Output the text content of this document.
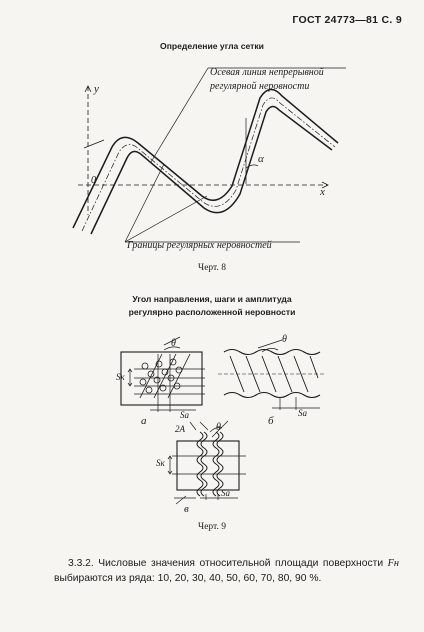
ГОСТ 24773—81 С. 9
Определение угла сетки
Осевая линия непрерывной
регулярной неровности
Границы регулярных неровностей
y
x
0
α
Черт. 8
Угол направления, шаги и амплитуда
регулярно расположенной неровности
θ
Sк
Sа
а
θ
Sа
б
2A	θ
Sк
Sа
в
Черт. 9
3.3.2. Числовые значения относительной площади поверхности Fн выбираются из ряда: 10, 20, 30, 40, 50, 60, 70, 80, 90 %.
